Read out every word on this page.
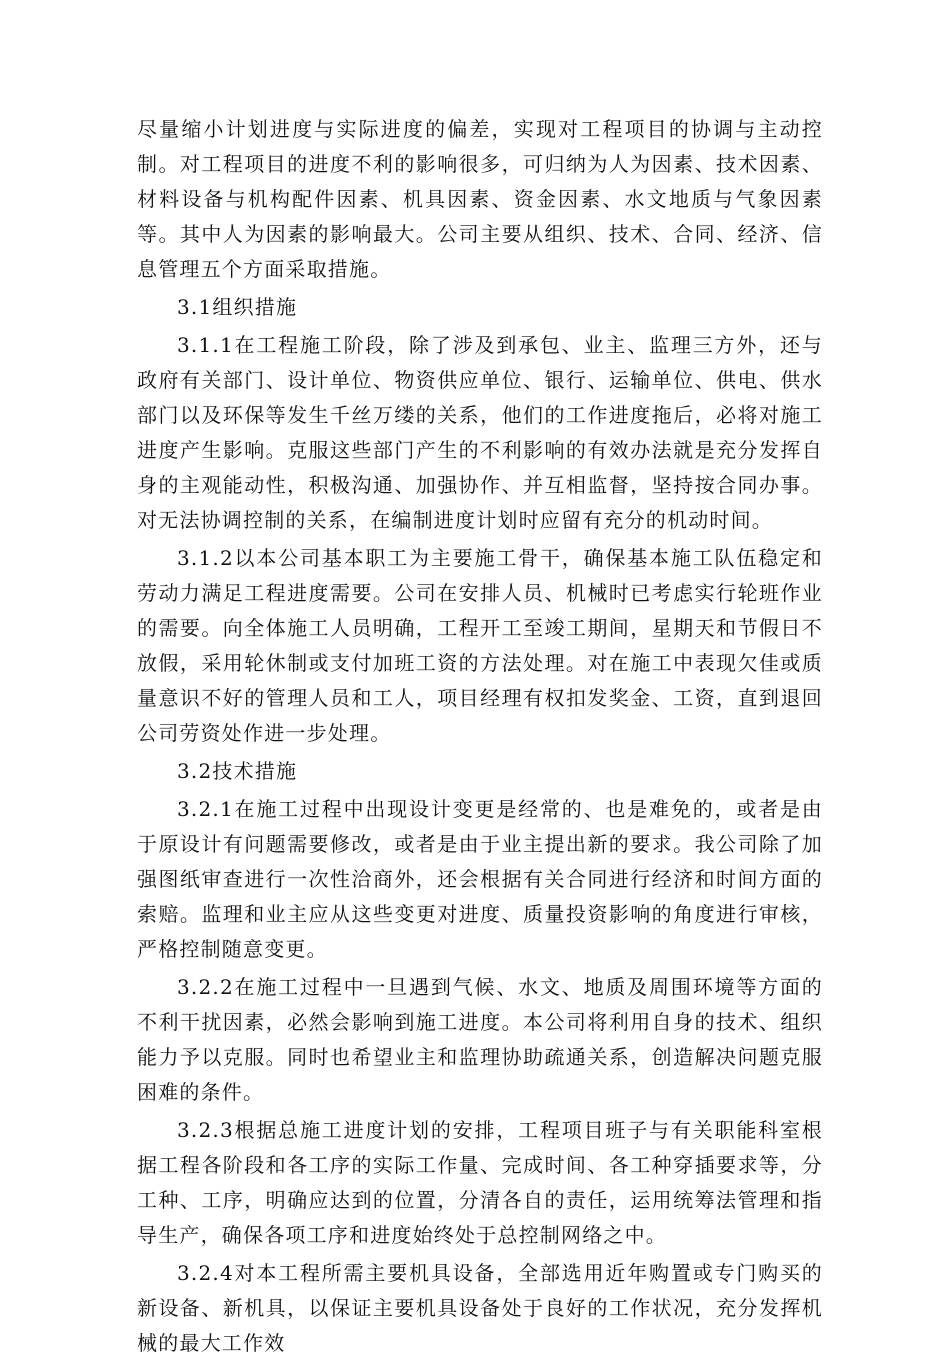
尽量缩小计划进度与实际进度的偏差，实现对工程项目的协调与主动控制。对工程项目的进度不利的影响很多，可归纳为人为因素、技术因素、材料设备与机构配件因素、机具因素、资金因素、水文地质与气象因素等。其中人为因素的影响最大。公司主要从组织、技术、合同、经济、信息管理五个方面采取措施。

3.1组织措施

3.1.1在工程施工阶段，除了涉及到承包、业主、监理三方外，还与政府有关部门、设计单位、物资供应单位、银行、运输单位、供电、供水部门以及环保等发生千丝万缕的关系，他们的工作进度拖后，必将对施工进度产生影响。克服这些部门产生的不利影响的有效办法就是充分发挥自身的主观能动性，积极沟通、加强协作、并互相监督，坚持按合同办事。对无法协调控制的关系，在编制进度计划时应留有充分的机动时间。

3.1.2以本公司基本职工为主要施工骨干，确保基本施工队伍稳定和劳动力满足工程进度需要。公司在安排人员、机械时已考虑实行轮班作业的需要。向全体施工人员明确，工程开工至竣工期间，星期天和节假日不放假，采用轮休制或支付加班工资的方法处理。对在施工中表现欠佳或质量意识不好的管理人员和工人，项目经理有权扣发奖金、工资，直到退回公司劳资处作进一步处理。

3.2技术措施

3.2.1在施工过程中出现设计变更是经常的、也是难免的，或者是由于原设计有问题需要修改，或者是由于业主提出新的要求。我公司除了加强图纸审查进行一次性洽商外，还会根据有关合同进行经济和时间方面的索赔。监理和业主应从这些变更对进度、质量投资影响的角度进行审核，严格控制随意变更。

3.2.2在施工过程中一旦遇到气候、水文、地质及周围环境等方面的不利干扰因素，必然会影响到施工进度。本公司将利用自身的技术、组织能力予以克服。同时也希望业主和监理协助疏通关系，创造解决问题克服困难的条件。

3.2.3根据总施工进度计划的安排，工程项目班子与有关职能科室根据工程各阶段和各工序的实际工作量、完成时间、各工种穿插要求等，分工种、工序，明确应达到的位置，分清各自的责任，运用统筹法管理和指导生产，确保各项工序和进度始终处于总控制网络之中。

3.2.4对本工程所需主要机具设备，全部选用近年购置或专门购买的新设备、新机具，以保证主要机具设备处于良好的工作状况，充分发挥机械的最大工作效
